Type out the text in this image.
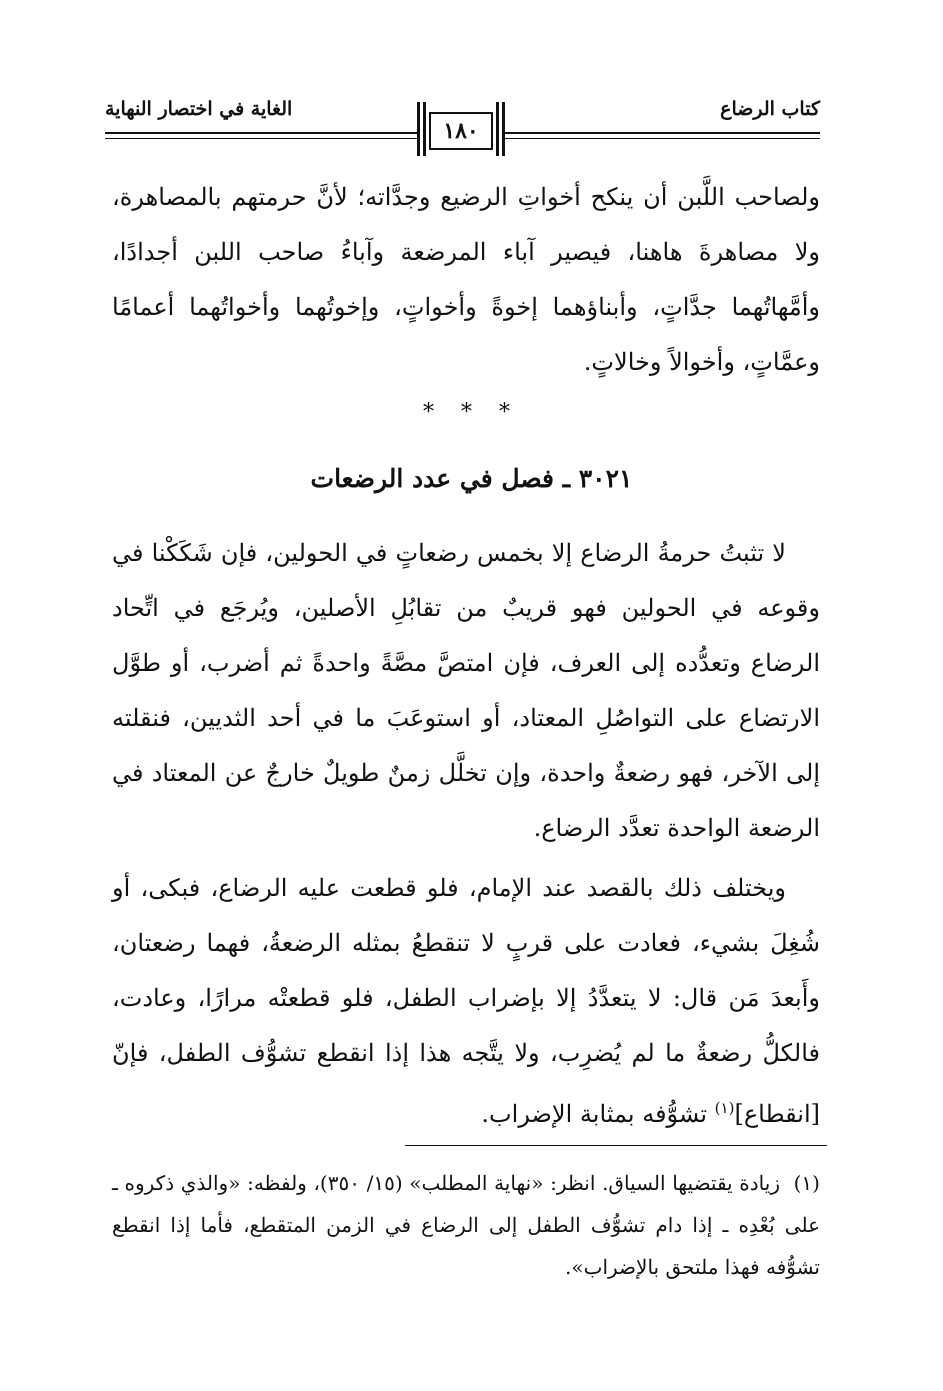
كتاب الرضاع
الغاية في اختصار النهاية
١٨٠

ولصاحب اللَّبن أن ينكح أخواتِ الرضيع وجدَّاته؛ لأنَّ حرمتهم بالمصاهرة، ولا مصاهرةَ هاهنا، فيصير آباء المرضعة وآباءُ صاحب اللبن أجدادًا، وأمَّهاتُهما جدَّاتٍ، وأبناؤهما إخوةً وأخواتٍ، وإخوتُهما وأخواتُهما أعمامًا وعمَّاتٍ، وأخوالاً وخالاتٍ.

* * *
٣٠٢١ ـ فصل في عدد الرضعات

لا تثبتُ حرمةُ الرضاع إلا بخمس رضعاتٍ في الحولين، فإن شَكَكْنا في وقوعه في الحولين فهو قريبٌ من تقابُلِ الأصلين، ويُرجَع في اتِّحاد الرضاع وتعدُّده إلى العرف، فإن امتصَّ مصَّةً واحدةً ثم أضرب، أو طوَّل الارتضاع على التواصُلِ المعتاد، أو استوعَبَ ما في أحد الثديين، فنقلته إلى الآخر، فهو رضعةٌ واحدة، وإن تخلَّل زمنٌ طويلٌ خارجٌ عن المعتاد في الرضعة الواحدة تعدَّد الرضاع.

ويختلف ذلك بالقصد عند الإمام، فلو قطعت عليه الرضاع، فبكى، أو شُغِلَ بشيء، فعادت على قربٍ لا تنقطعُ بمثله الرضعةُ، فهما رضعتان، وأَبعدَ مَن قال: لا يتعدَّدُ إلا بإضراب الطفل، فلو قطعتْه مرارًا، وعادت، فالكلُّ رضعةٌ ما لم يُضرِب، ولا يتَّجه هذا إذا انقطع تشوُّف الطفل، فإنّ [انقطاع]$^{(١)}$ تشوُّفه بمثابة الإضراب.

(١)زيادة يقتضيها السياق. انظر: «نهاية المطلب» (١٥/ ٣٥٠)، ولفظه: «والذي ذكروه ـ على بُعْدِه ـ إذا دام تشوُّف الطفل إلى الرضاع في الزمن المتقطع، فأما إذا انقطع تشوُّفه فهذا ملتحق بالإضراب».
